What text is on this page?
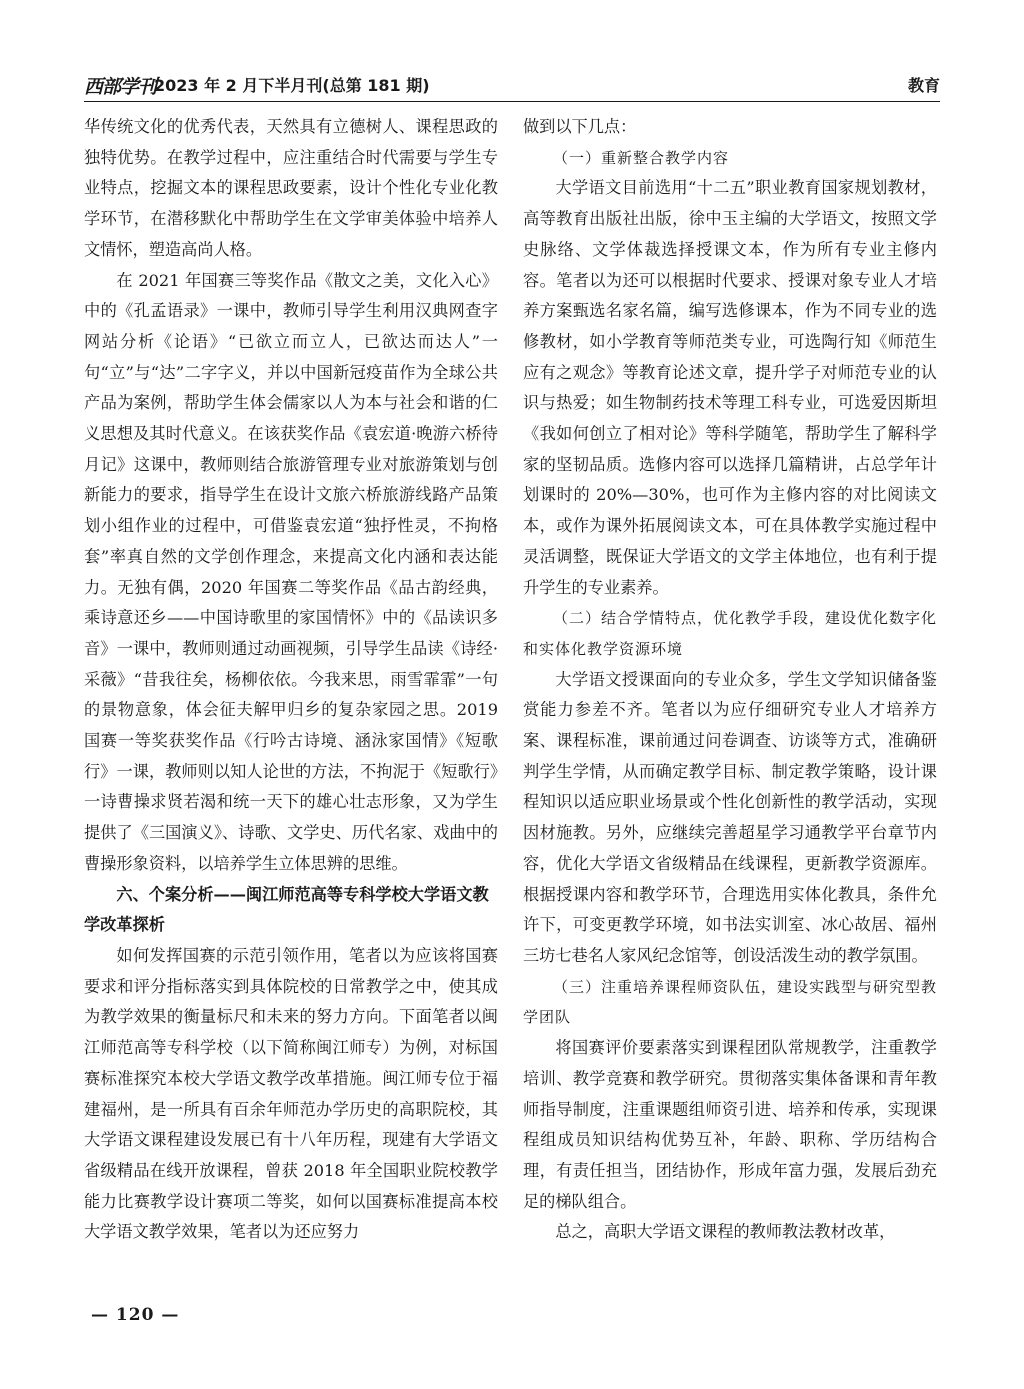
西部学刊
2023 年 2 月下半月刊(总第 181 期)	教育

华传统文化的优秀代表，天然具有立德树人、课程思政的独特优势。在教学过程中，应注重结合时代需要与学生专业特点，挖掘文本的课程思政要素，设计个性化专业化教学环节，在潜移默化中帮助学生在文学审美体验中培养人文情怀，塑造高尚人格。

在 2021 年国赛三等奖作品《散文之美，文化入心》中的《孔孟语录》一课中，教师引导学生利用汉典网查字网站分析《论语》“已欲立而立人，已欲达而达人”一句“立”与“达”二字字义，并以中国新冠疫苗作为全球公共产品为案例，帮助学生体会儒家以人为本与社会和谐的仁义思想及其时代意义。在该获奖作品《袁宏道·晚游六桥待月记》这课中，教师则结合旅游管理专业对旅游策划与创新能力的要求，指导学生在设计文旅六桥旅游线路产品策划小组作业的过程中，可借鉴袁宏道“独抒性灵，不拘格套”率真自然的文学创作理念，来提高文化内涵和表达能力。无独有偶，2020 年国赛二等奖作品《品古韵经典，乘诗意还乡——中国诗歌里的家国情怀》中的《品读识多音》一课中，教师则通过动画视频，引导学生品读《诗经·采薇》“昔我往矣，杨柳依依。今我来思，雨雪霏霏”一句的景物意象，体会征夫解甲归乡的复杂家园之思。2019 国赛一等奖获奖作品《行吟古诗境、涵泳家国情》《短歌行》一课，教师则以知人论世的方法，不拘泥于《短歌行》一诗曹操求贤若渴和统一天下的雄心壮志形象，又为学生提供了《三国演义》、诗歌、文学史、历代名家、戏曲中的曹操形象资料，以培养学生立体思辨的思维。

六、个案分析——闽江师范高等专科学校大学语文教学改革探析

如何发挥国赛的示范引领作用，笔者以为应该将国赛要求和评分指标落实到具体院校的日常教学之中，使其成为教学效果的衡量标尺和未来的努力方向。下面笔者以闽江师范高等专科学校（以下简称闽江师专）为例，对标国赛标准探究本校大学语文教学改革措施。闽江师专位于福建福州，是一所具有百余年师范办学历史的高职院校，其大学语文课程建设发展已有十八年历程，现建有大学语文省级精品在线开放课程，曾获 2018 年全国职业院校教学能力比赛教学设计赛项二等奖，如何以国赛标准提高本校大学语文教学效果，笔者以为还应努力

做到以下几点：

（一）重新整合教学内容

大学语文目前选用“十二五”职业教育国家规划教材，高等教育出版社出版，徐中玉主编的大学语文，按照文学史脉络、文学体裁选择授课文本，作为所有专业主修内容。笔者以为还可以根据时代要求、授课对象专业人才培养方案甄选名家名篇，编写选修课本，作为不同专业的选修教材，如小学教育等师范类专业，可选陶行知《师范生应有之观念》等教育论述文章，提升学子对师范专业的认识与热爱；如生物制药技术等理工科专业，可选爱因斯坦《我如何创立了相对论》等科学随笔，帮助学生了解科学家的坚韧品质。选修内容可以选择几篇精讲，占总学年计划课时的 20%—30%，也可作为主修内容的对比阅读文本，或作为课外拓展阅读文本，可在具体教学实施过程中灵活调整，既保证大学语文的文学主体地位，也有利于提升学生的专业素养。

（二）结合学情特点，优化教学手段，建设优化数字化和实体化教学资源环境

大学语文授课面向的专业众多，学生文学知识储备鉴赏能力参差不齐。笔者以为应仔细研究专业人才培养方案、课程标准，课前通过问卷调查、访谈等方式，准确研判学生学情，从而确定教学目标、制定教学策略，设计课程知识以适应职业场景或个性化创新性的教学活动，实现因材施教。另外，应继续完善超星学习通教学平台章节内容，优化大学语文省级精品在线课程，更新教学资源库。根据授课内容和教学环节，合理选用实体化教具，条件允许下，可变更教学环境，如书法实训室、冰心故居、福州三坊七巷名人家风纪念馆等，创设活泼生动的教学氛围。

（三）注重培养课程师资队伍，建设实践型与研究型教学团队

将国赛评价要素落实到课程团队常规教学，注重教学培训、教学竞赛和教学研究。贯彻落实集体备课和青年教师指导制度，注重课题组师资引进、培养和传承，实现课程组成员知识结构优势互补，年龄、职称、学历结构合理，有责任担当，团结协作，形成年富力强，发展后劲充足的梯队组合。

总之，高职大学语文课程的教师教法教材改革，

— 120 —
